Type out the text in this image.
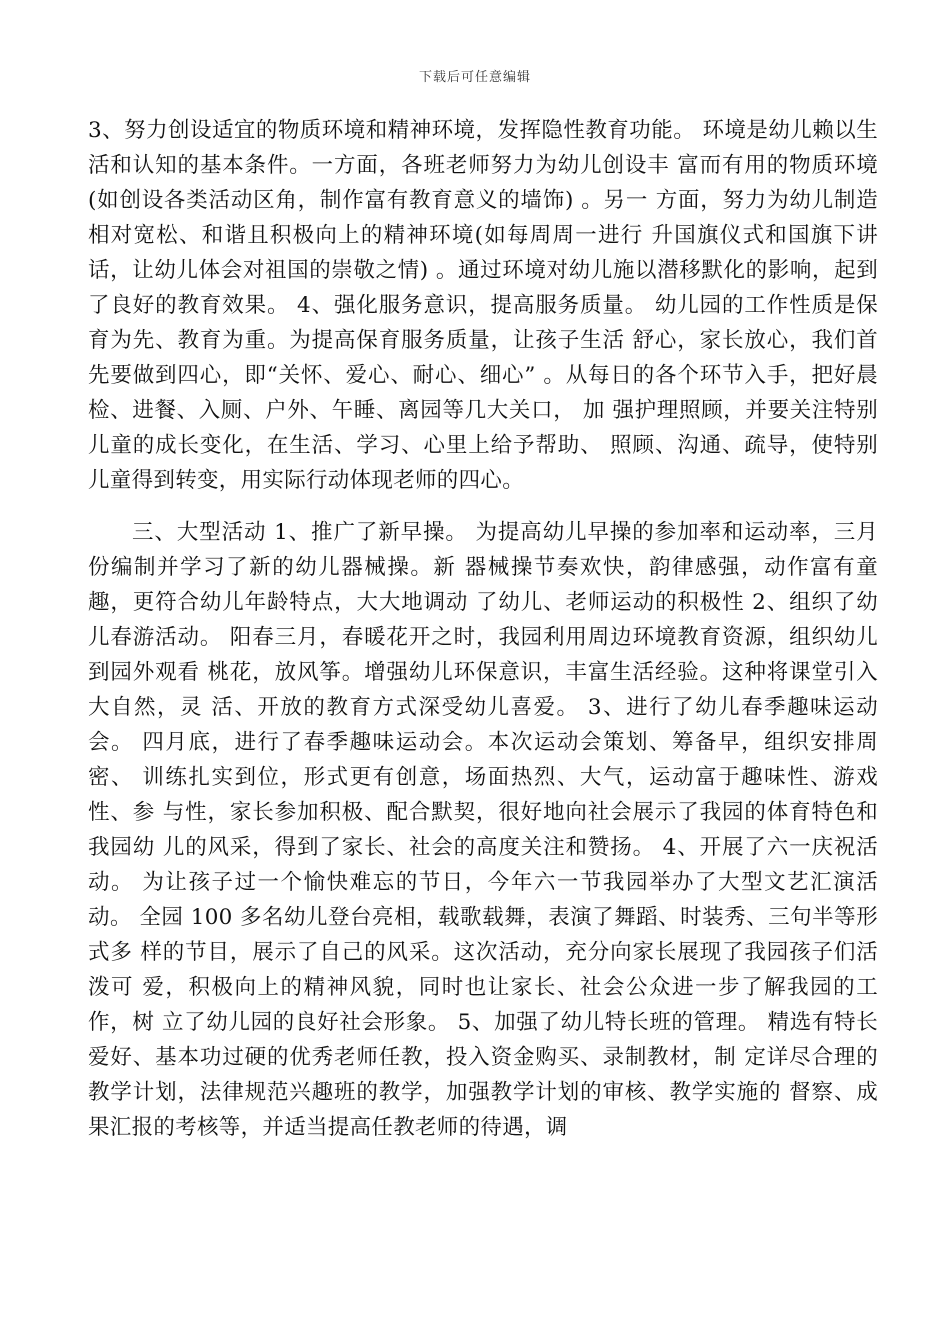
下载后可任意编辑

3、努力创设适宜的物质环境和精神环境，发挥隐性教育功能。 环境是幼儿赖以生活和认知的基本条件。一方面，各班老师努力为幼儿创设丰 富而有用的物质环境(如创设各类活动区角，制作富有教育意义的墙饰) 。另一 方面，努力为幼儿制造相对宽松、和谐且积极向上的精神环境(如每周周一进行 升国旗仪式和国旗下讲话，让幼儿体会对祖国的崇敬之情) 。通过环境对幼儿施以潜移默化的影响，起到了良好的教育效果。 4、强化服务意识，提高服务质量。 幼儿园的工作性质是保育为先、教育为重。为提高保育服务质量，让孩子生活 舒心，家长放心，我们首先要做到四心，即“关怀、爱心、耐心、细心” 。从每日的各个环节入手，把好晨检、进餐、入厕、户外、午睡、离园等几大关口， 加 强护理照顾，并要关注特别儿童的成长变化，在生活、学习、心里上给予帮助、 照顾、沟通、疏导，使特别儿童得到转变，用实际行动体现老师的四心。

三、大型活动 1、推广了新早操。 为提高幼儿早操的参加率和运动率，三月份编制并学习了新的幼儿器械操。新 器械操节奏欢快，韵律感强，动作富有童趣，更符合幼儿年龄特点，大大地调动 了幼儿、老师运动的积极性 2、组织了幼儿春游活动。 阳春三月，春暖花开之时，我园利用周边环境教育资源，组织幼儿到园外观看 桃花，放风筝。增强幼儿环保意识，丰富生活经验。这种将课堂引入大自然，灵 活、开放的教育方式深受幼儿喜爱。 3、进行了幼儿春季趣味运动会。 四月底，进行了春季趣味运动会。本次运动会策划、筹备早，组织安排周密、 训练扎实到位，形式更有创意，场面热烈、大气，运动富于趣味性、游戏性、参 与性，家长参加积极、配合默契，很好地向社会展示了我园的体育特色和我园幼 儿的风采，得到了家长、社会的高度关注和赞扬。 4、开展了六一庆祝活动。 为让孩子过一个愉快难忘的节日，今年六一节我园举办了大型文艺汇演活动。 全园 100 多名幼儿登台亮相，载歌载舞，表演了舞蹈、时装秀、三句半等形式多 样的节目，展示了自己的风采。这次活动，充分向家长展现了我园孩子们活泼可 爱，积极向上的精神风貌，同时也让家长、社会公众进一步了解我园的工作，树 立了幼儿园的良好社会形象。 5、加强了幼儿特长班的管理。 精选有特长爱好、基本功过硬的优秀老师任教，投入资金购买、录制教材，制 定详尽合理的教学计划，法律规范兴趣班的教学，加强教学计划的审核、教学实施的 督察、成果汇报的考核等，并适当提高任教老师的待遇，调
